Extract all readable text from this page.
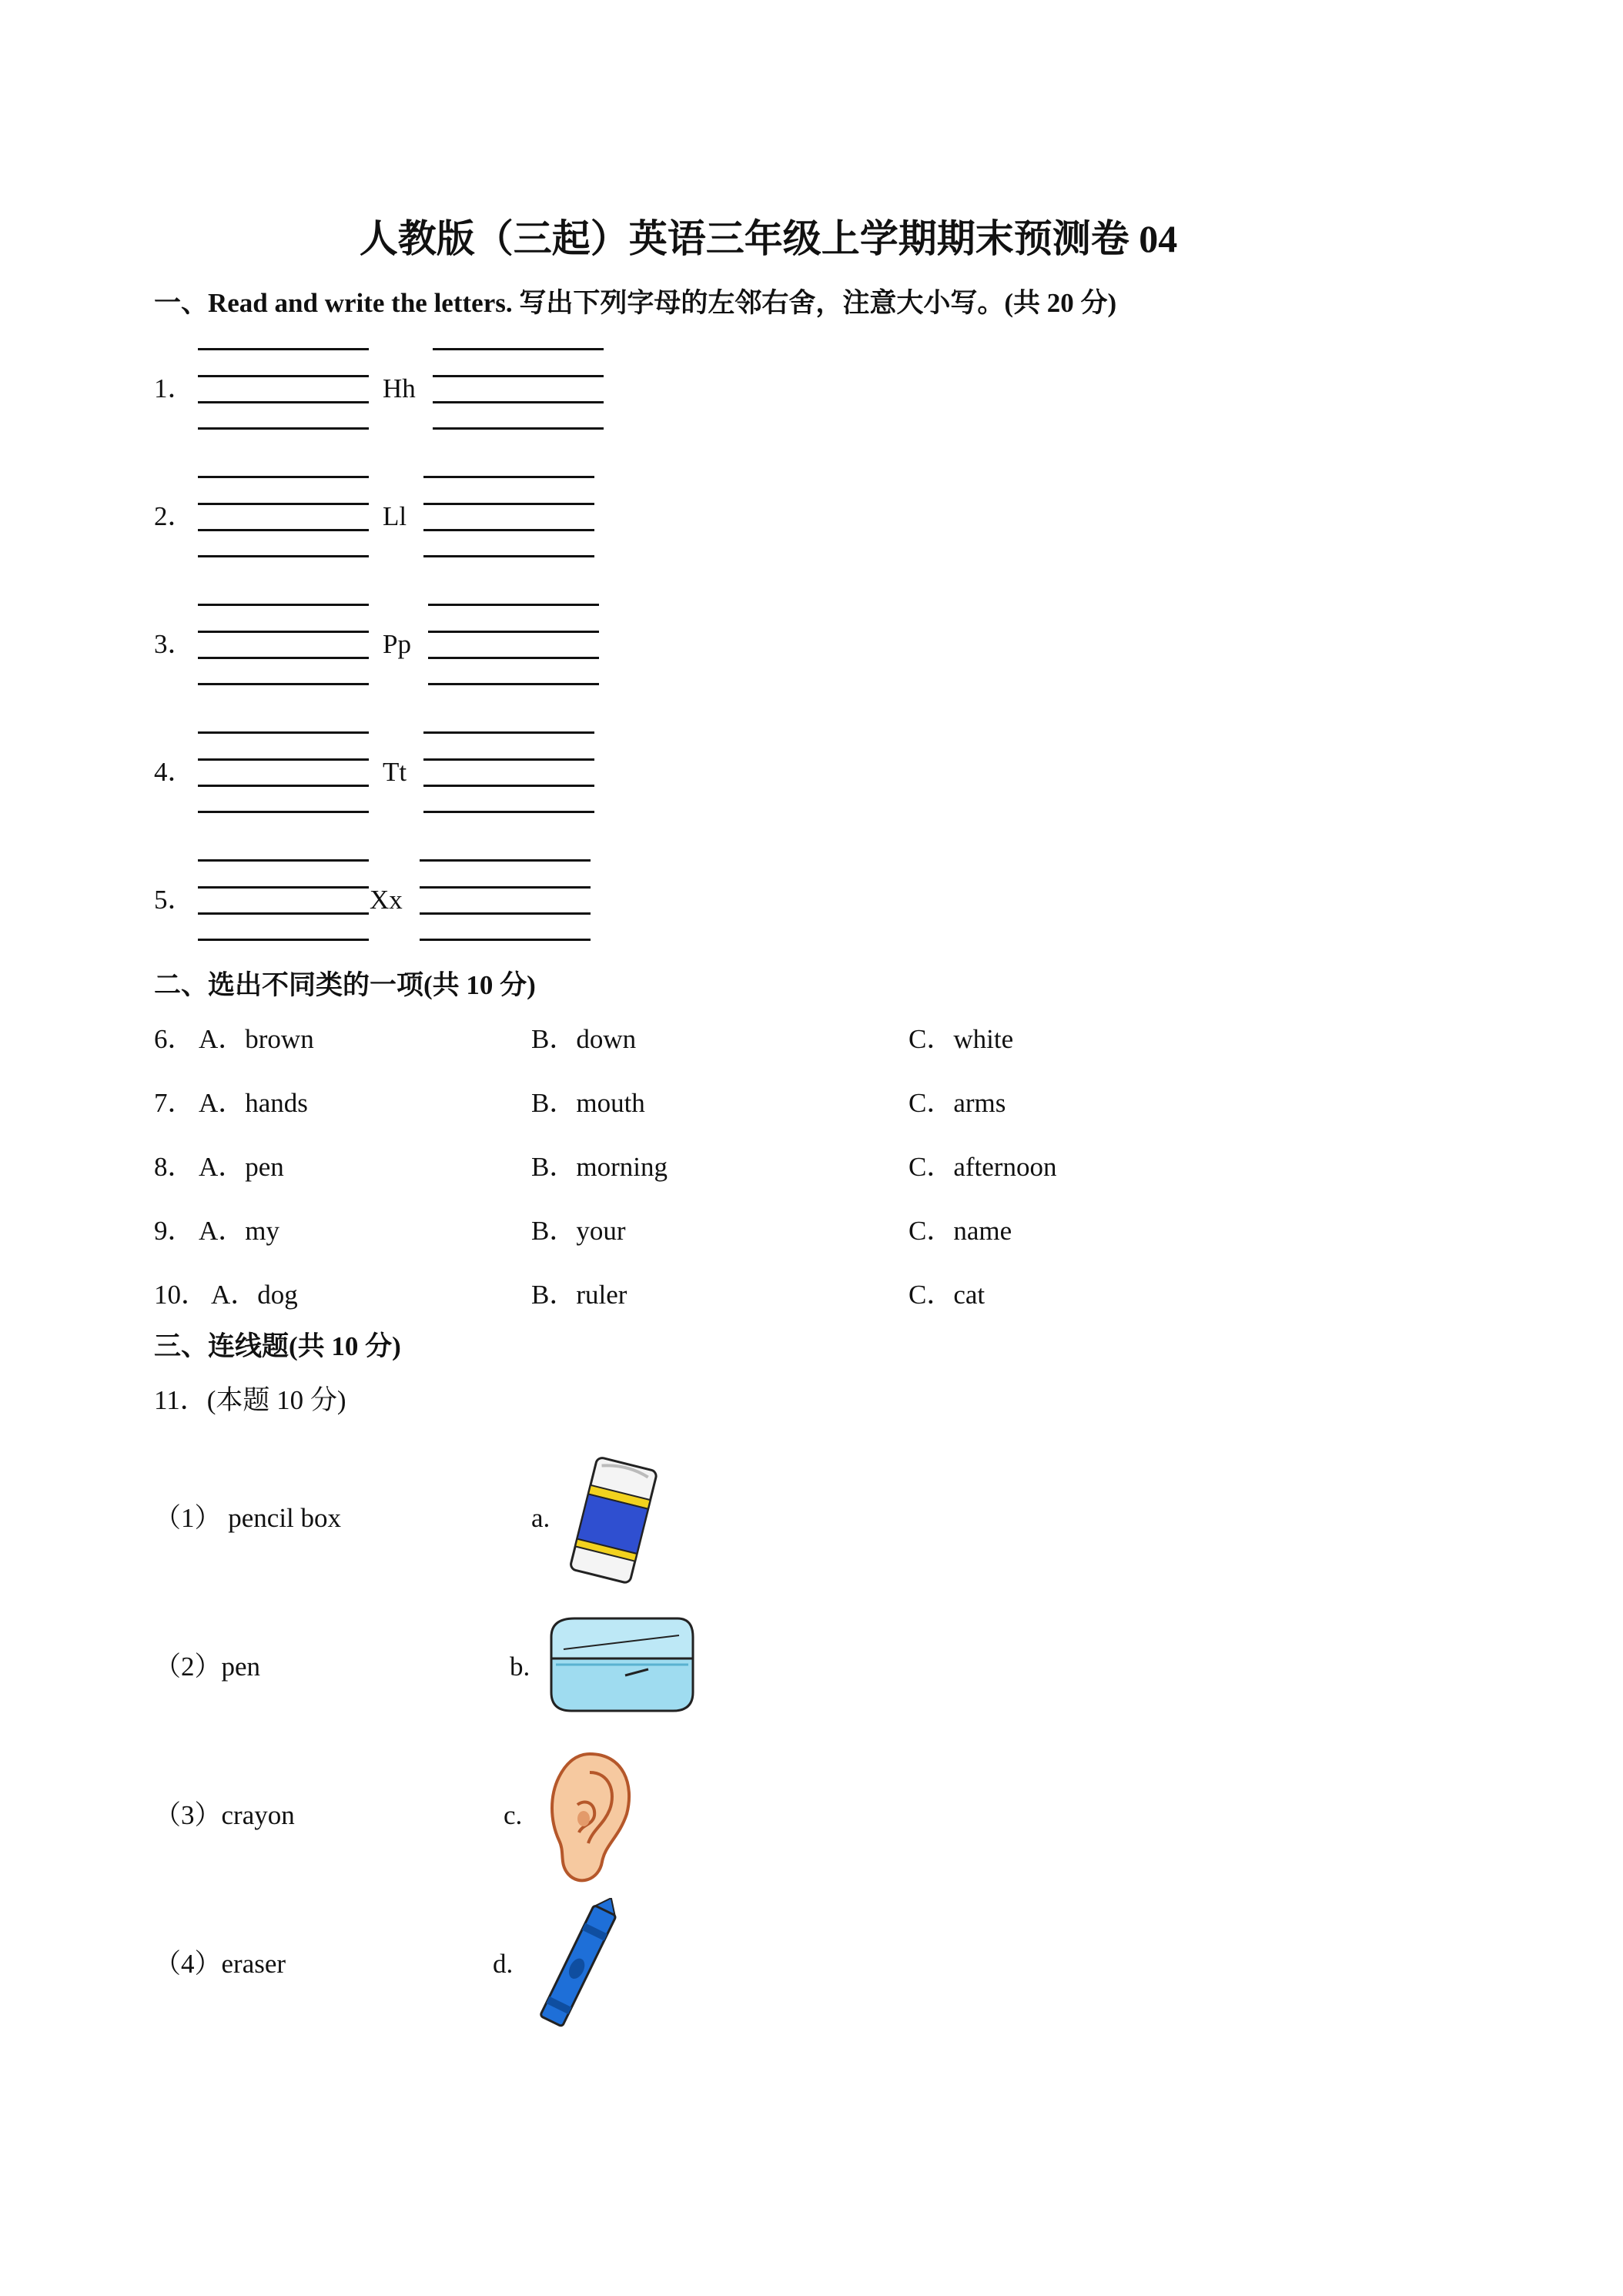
人教版（三起）英语三年级上学期期末预测卷 04
一、Read and write the letters. 写出下列字母的左邻右舍，注意大小写。(共 20 分)
1．	Hh
2．	Ll
3．	Pp
4．	Tt
5．	Xx
二、选出不同类的一项(共 10 分)
6． A．brown	B．down	C．white
7． A．hands	B．mouth	C．arms
8． A．pen	B．morning	C．afternoon
9． A．my	B．your	C．name
10． A．dog	B．ruler	C．cat
三、连线题(共 10 分)
11．(本题 10 分)
（1） pencil box
（2）pen
（3）crayon
（4）eraser
a.
b.
c.
d.
